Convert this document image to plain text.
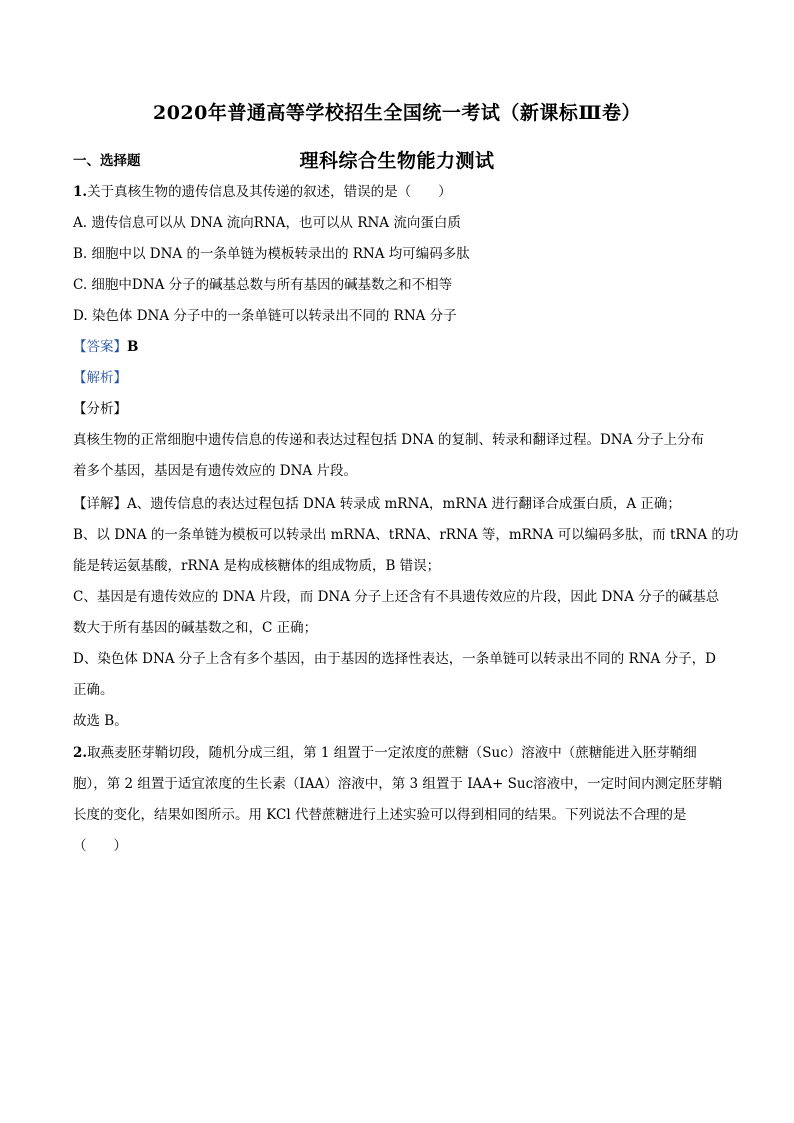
2020年普通高等学校招生全国统一考试（新课标Ⅲ卷）
理科综合生物能力测试
一、选择题
1.关于真核生物的遗传信息及其传递的叙述，错误的是（　　）
A. 遗传信息可以从 DNA 流向RNA，也可以从 RNA 流向蛋白质
B. 细胞中以 DNA 的一条单链为模板转录出的 RNA 均可编码多肽
C. 细胞中DNA 分子的碱基总数与所有基因的碱基数之和不相等
D. 染色体 DNA 分子中的一条单链可以转录出不同的 RNA 分子
【答案】B
【解析】
【分析】
真核生物的正常细胞中遗传信息的传递和表达过程包括 DNA 的复制、转录和翻译过程。DNA 分子上分布
着多个基因，基因是有遗传效应的 DNA 片段。
【详解】A、遗传信息的表达过程包括 DNA 转录成 mRNA，mRNA 进行翻译合成蛋白质，A 正确；
B、以 DNA 的一条单链为模板可以转录出 mRNA、tRNA、rRNA 等，mRNA 可以编码多肽，而 tRNA 的功
能是转运氨基酸，rRNA 是构成核糖体的组成物质，B 错误；
C、基因是有遗传效应的 DNA 片段，而 DNA 分子上还含有不具遗传效应的片段，因此 DNA 分子的碱基总
数大于所有基因的碱基数之和，C 正确；
D、染色体 DNA 分子上含有多个基因，由于基因的选择性表达，一条单链可以转录出不同的 RNA 分子，D
正确。
故选 B。
2.取燕麦胚芽鞘切段，随机分成三组，第 1 组置于一定浓度的蔗糖（Suc）溶液中（蔗糖能进入胚芽鞘细
胞），第 2 组置于适宜浓度的生长素（IAA）溶液中，第 3 组置于 IAA+ Suc溶液中，一定时间内测定胚芽鞘
长度的变化，结果如图所示。用 KCl 代替蔗糖进行上述实验可以得到相同的结果。下列说法不合理的是
（　　）
